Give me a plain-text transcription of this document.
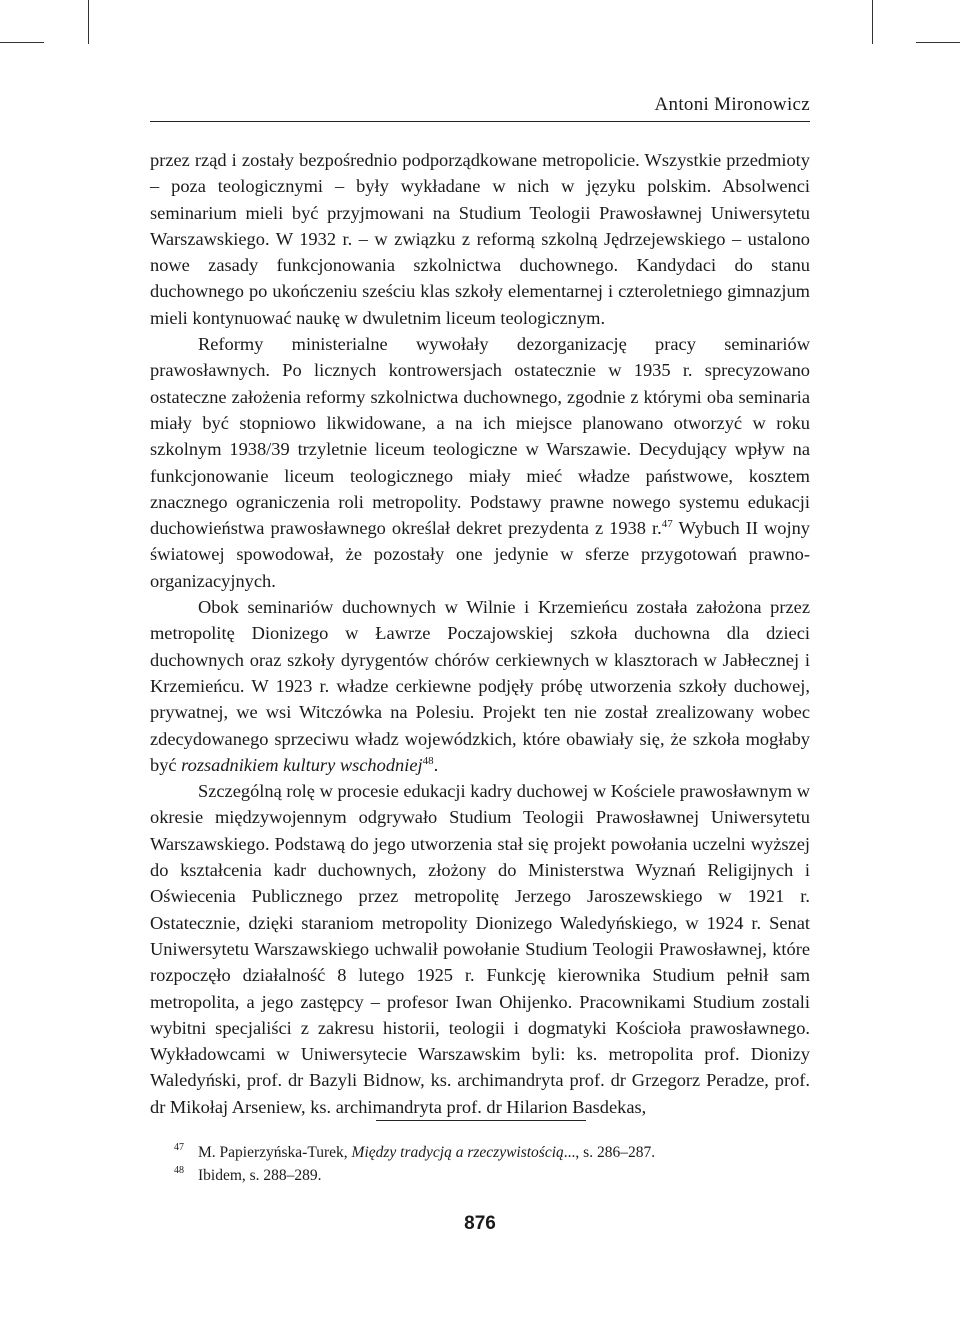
Antoni Mironowicz

przez rząd i zostały bezpośrednio podporządkowane metropolicie. Wszystkie przedmioty – poza teologicznymi – były wykładane w nich w języku polskim. Absolwenci seminarium mieli być przyjmowani na Studium Teologii Prawosławnej Uniwersytetu Warszawskiego. W 1932 r. – w związku z reformą szkolną Jędrzejewskiego – ustalono nowe zasady funkcjonowania szkolnictwa duchownego. Kandydaci do stanu duchownego po ukończeniu sześciu klas szkoły elementarnej i czteroletniego gimnazjum mieli kontynuować naukę w dwuletnim liceum teologicznym.

Reformy ministerialne wywołały dezorganizację pracy seminariów prawosławnych. Po licznych kontrowersjach ostatecznie w 1935 r. sprecyzowano ostateczne założenia reformy szkolnictwa duchownego, zgodnie z którymi oba seminaria miały być stopniowo likwidowane, a na ich miejsce planowano otworzyć w roku szkolnym 1938/39 trzyletnie liceum teologiczne w Warszawie. Decydujący wpływ na funkcjonowanie liceum teologicznego miały mieć władze państwowe, kosztem znacznego ograniczenia roli metropolity. Podstawy prawne nowego systemu edukacji duchowieństwa prawosławnego określał dekret prezydenta z 1938 r.$^{47}$ Wybuch II wojny światowej spowodował, że pozostały one jedynie w sferze przygotowań prawno-organizacyjnych.

Obok seminariów duchownych w Wilnie i Krzemieńcu została założona przez metropolitę Dionizego w Ławrze Poczajowskiej szkoła duchowna dla dzieci duchownych oraz szkoły dyrygentów chórów cerkiewnych w klasztorach w Jabłecznej i Krzemieńcu. W 1923 r. władze cerkiewne podjęły próbę utworzenia szkoły duchowej, prywatnej, we wsi Witczówka na Polesiu. Projekt ten nie został zrealizowany wobec zdecydowanego sprzeciwu władz wojewódzkich, które obawiały się, że szkoła mogłaby być rozsadnikiem kultury wschodniej$^{48}$.

Szczególną rolę w procesie edukacji kadry duchowej w Kościele prawosławnym w okresie międzywojennym odgrywało Studium Teologii Prawosławnej Uniwersytetu Warszawskiego. Podstawą do jego utworzenia stał się projekt powołania uczelni wyższej do kształcenia kadr duchownych, złożony do Ministerstwa Wyznań Religijnych i Oświecenia Publicznego przez metropolitę Jerzego Jaroszewskiego w 1921 r. Ostatecznie, dzięki staraniom metropolity Dionizego Waledyńskiego, w 1924 r. Senat Uniwersytetu Warszawskiego uchwalił powołanie Studium Teologii Prawosławnej, które rozpoczęło działalność 8 lutego 1925 r. Funkcję kierownika Studium pełnił sam metropolita, a jego zastępcy – profesor Iwan Ohijenko. Pracownikami Studium zostali wybitni specjaliści z zakresu historii, teologii i dogmatyki Kościoła prawosławnego. Wykładowcami w Uniwersytecie Warszawskim byli: ks. metropolita prof. Dionizy Waledyński, prof. dr Bazyli Bidnow, ks. archimandryta prof. dr Grzegorz Peradze, prof. dr Mikołaj Arseniew, ks. archimandryta prof. dr Hilarion Basdekas,

47 M. Papierzyńska-Turek, Między tradycją a rzeczywistością..., s. 286–287.
48 Ibidem, s. 288–289.
876
